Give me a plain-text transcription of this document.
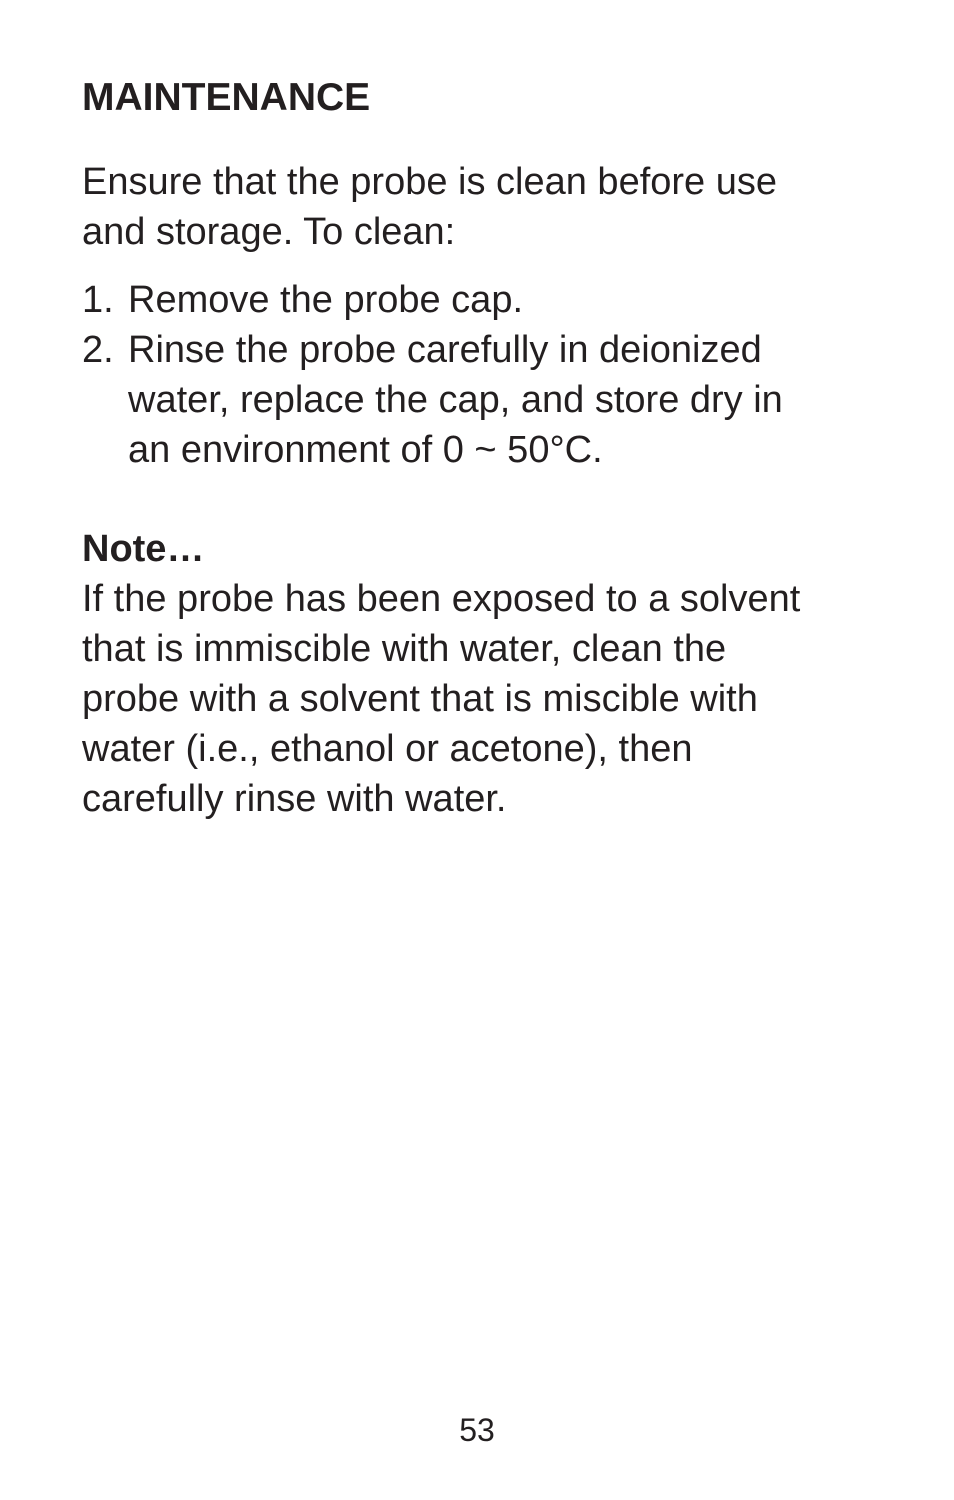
MAINTENANCE

Ensure that the probe is clean before use
and storage. To clean:

1. Remove the probe cap.
2. Rinse the probe carefully in deionized
water, replace the cap, and store dry in
an environment of 0 ~ 50°C.
Note…

If the probe has been exposed to a solvent
that is immiscible with water, clean the
probe with a solvent that is miscible with
water (i.e., ethanol or acetone), then
carefully rinse with water.

53
